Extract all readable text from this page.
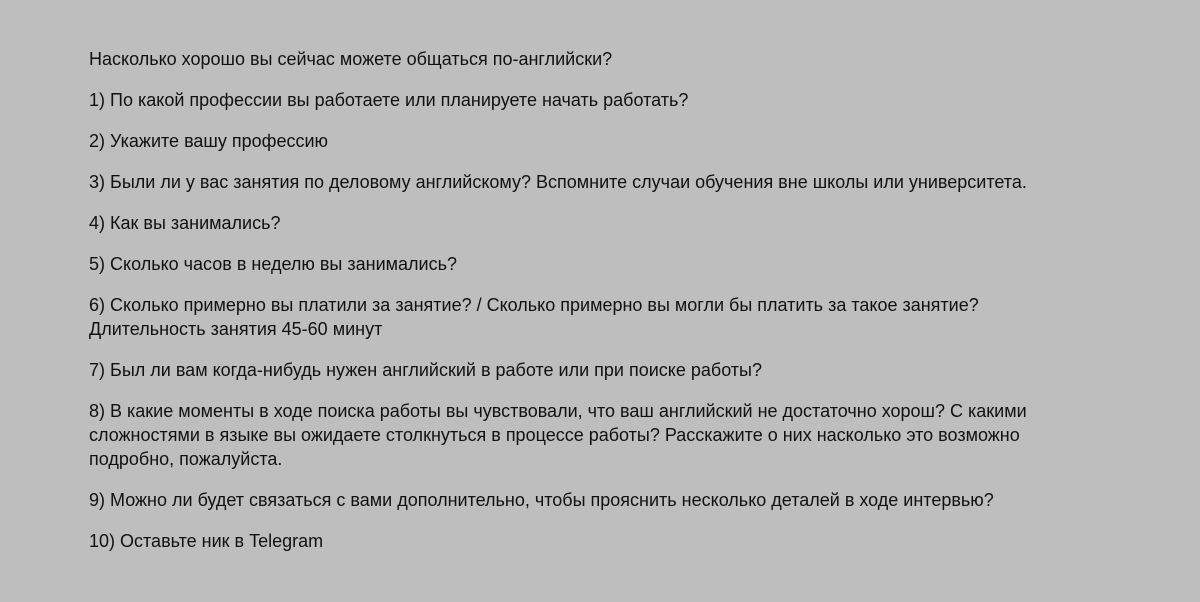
Насколько хорошо вы сейчас можете общаться по-английски?

1) По какой профессии вы работаете или планируете начать работать?

2) Укажите вашу профессию

3) Были ли у вас занятия по деловому английскому? Вспомните случаи обучения вне школы или университета.

4) Как вы занимались?

5) Сколько часов в неделю вы занимались?

6) Сколько примерно вы платили за занятие? / Сколько примерно вы могли бы платить за такое занятие?
Длительность занятия 45-60 минут

7) Был ли вам когда-нибудь нужен английский в работе или при поиске работы?

8) В какие моменты в ходе поиска работы вы чувствовали, что ваш английский не достаточно хорош? С какими
сложностями в языке вы ожидаете столкнуться в процессе работы? Расскажите о них насколько это возможно
подробно, пожалуйста.

9) Можно ли будет связаться с вами дополнительно, чтобы прояснить несколько деталей в ходе интервью?

10) Оставьте ник в Telegram
